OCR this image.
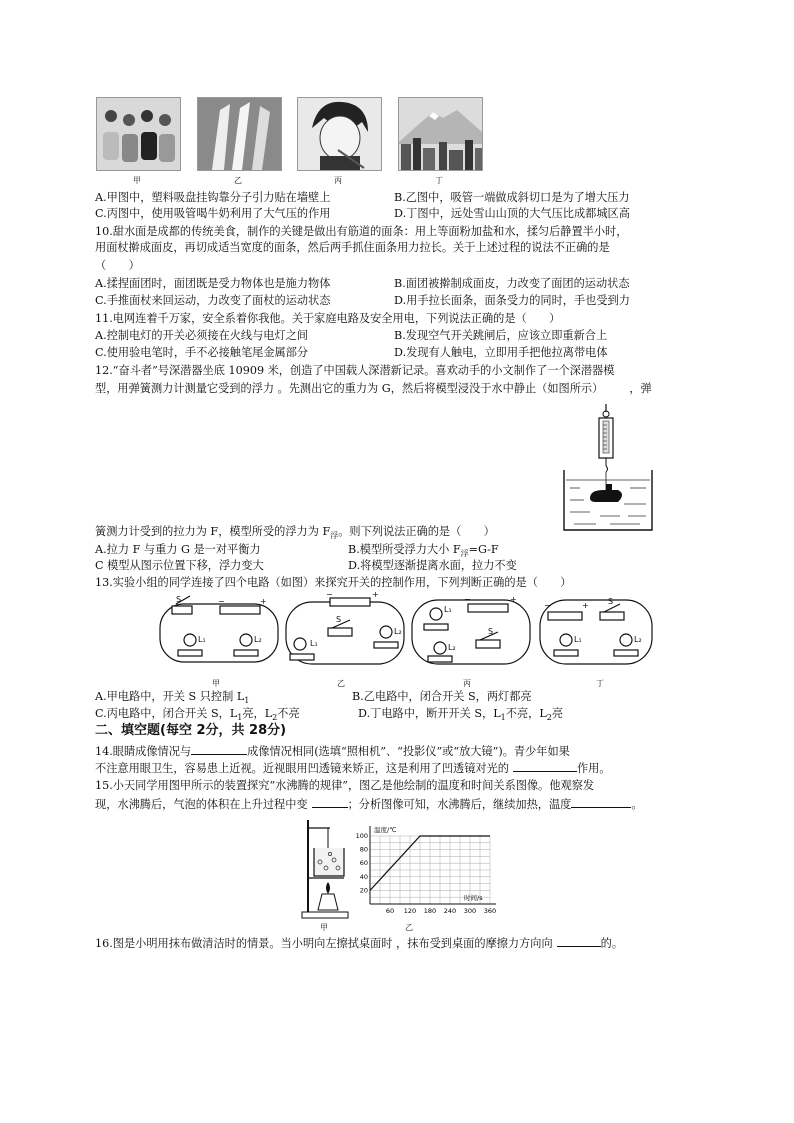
甲	乙	丙	丁
A.甲图中，塑料吸盘挂钩靠分子引力贴在墙壁上	B.乙图中，吸管一端做成斜切口是为了增大压力
C.丙图中，使用吸管喝牛奶利用了大气压的作用	D.丁图中，远处雪山山顶的大气压比成都城区高
10.甜水面是成都的传统美食，制作的关键是做出有筋道的面条：用上等面粉加盐和水，揉匀后静置半小时，
用面杖擀成面皮，再切成适当宽度的面条，然后两手抓住面条用力拉长。关于上述过程的说法不正确的是
（　　）
A.揉捏面团时，面团既是受力物体也是施力物体	B.面团被擀制成面皮，力改变了面团的运动状态
C.手推面杖来回运动，力改变了面杖的运动状态	D.用手拉长面条，面条受力的同时，手也受到力
11.电网连着千万家，安全系着你我他。关于家庭电路及安全用电，下列说法正确的是（　　）
A.控制电灯的开关必须接在火线与电灯之间	B.发现空气开关跳闸后，应该立即重新合上
C.使用验电笔时，手不必接触笔尾金属部分	D.发现有人触电，立即用手把他拉离带电体
12.“奋斗者”号深潜器坐底 10909 米，创造了中国载人深潜新记录。喜欢动手的小文制作了一个深潜器模
型，用弹簧测力计测量它受到的浮力 。先测出它的重力为 G，然后将模型浸没于水中静止（如图所示） ，弹
簧测力计受到的拉力为 F，模型所受的浮力为 $F_浮$。则下列说法正确的是（　　）
A.拉力 F 与重力 G 是一对平衡力	B.模型所受浮力大小 $F_浮=G-F$
C 模型从图示位置下移，浮力变大	D.将模型逐渐提离水面，拉力不变
13.实验小组的同学连接了四个电路（如图）来探究开关的控制作用，下列判断正确的是（　　）
S
L₁	L₂
−	+
S
L₁
L₂
−	+
L₁
L₂
S
−	+	S
L₁	L₂
−	+
甲	乙	丙	丁
A.甲电路中，开关 S 只控制 $L_1$	B.乙电路中，闭合开关 S，两灯都亮
C.丙电路中，闭合开关 S，$L_1$亮，$L_2$不亮	D.丁电路中，断开开关 S，$L_1$不亮，$L_2$亮
二、填空题(每空 2分，共 28分)
14.眼睛成像情况与	成像情况相同(选填“照相机”、“投影仪”或“放大镜”)。青少年如果
不注意用眼卫生，容易患上近视。近视眼用凹透镜来矫正，这是利用了凹透镜对光的	作用。
15.小天同学用图甲所示的装置探究“水沸腾的规律”，图乙是他绘制的温度和时间关系图像。他观察发
现，水沸腾后，气泡的体积在上升过程中变	；分析图像可知，水沸腾后，继续加热，温度	。
60 120 180 240 300 360
20
40
60
80
100
温度/℃
时间/s
甲	乙
16.图是小明用抹布做清洁时的情景。当小明向左擦拭桌面时 ，抹布受到桌面的摩擦力方向向	的。
